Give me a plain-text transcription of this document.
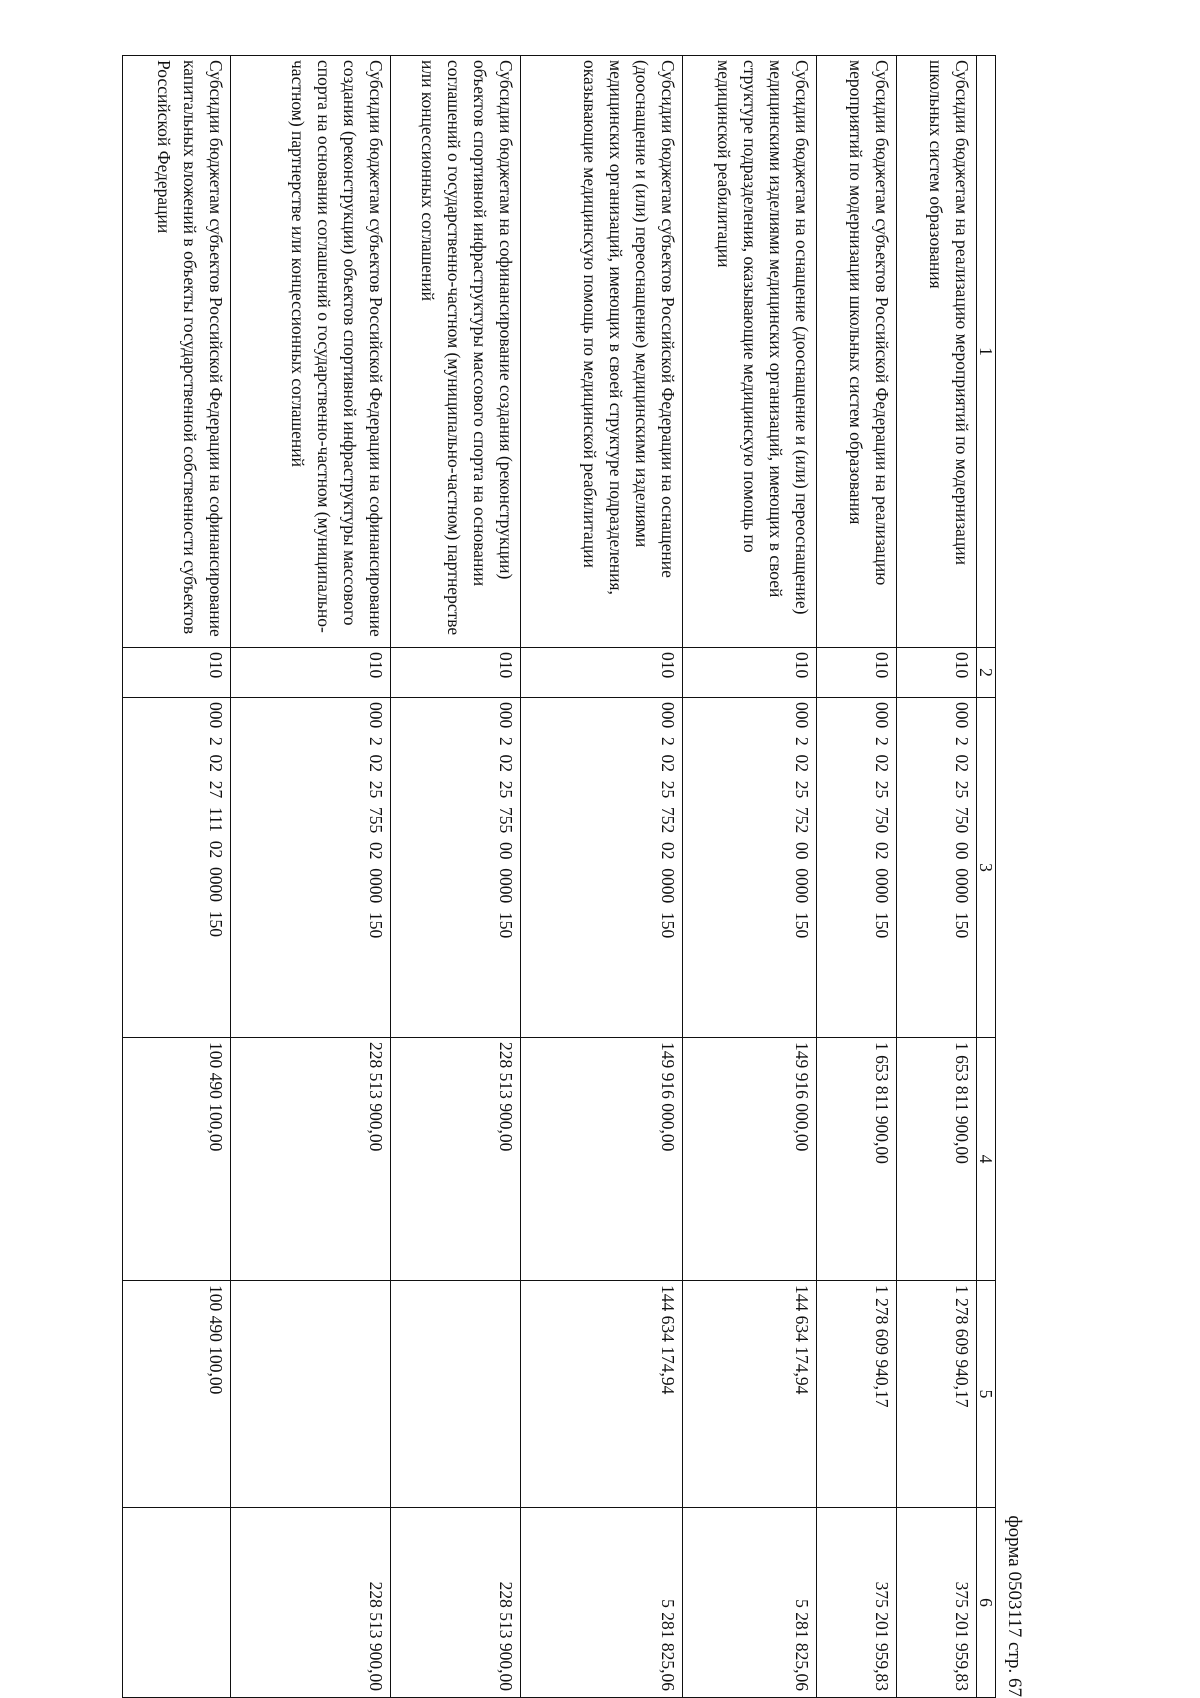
форма 0503117 стр. 67
1	2	3	4	5	6
Субсидии бюджетам на реализацию мероприятий по модернизации школьных систем образования	010	000  2  02  25  750  00  0000  150	1 653 811 900,00	1 278 609 940,17	375 201 959,83
Субсидии бюджетам субъектов Российской Федерации на реализацию мероприятий по модернизации школьных систем образования	010	000  2  02  25  750  02  0000  150	1 653 811 900,00	1 278 609 940,17	375 201 959,83
Субсидии бюджетам на оснащение (дооснащение и (или) переоснащение) медицинскими изделиями медицинских организаций, имеющих в своей структуре подразделения, оказывающие медицинскую помощь по медицинской реабилитации	010	000  2  02  25  752  00  0000  150	149 916 000,00	144 634 174,94	5 281 825,06
Субсидии бюджетам субъектов Российской Федерации на оснащение (дооснащение и (или) переоснащение) медицинскими изделиями медицинских организаций, имеющих в своей структуре подразделения, оказывающие медицинскую помощь по медицинской реабилитации	010	000  2  02  25  752  02  0000  150	149 916 000,00	144 634 174,94	5 281 825,06
Субсидии бюджетам на софинансирование создания (реконструкции) объектов спортивной инфраструктуры массового спорта на основании соглашений о государственно-частном (муниципально-частном) партнерстве или концессионных соглашений	010	000  2  02  25  755  00  0000  150	228 513 900,00		228 513 900,00
Субсидии бюджетам субъектов Российской Федерации на софинансирование создания (реконструкции) объектов спортивной инфраструктуры массового спорта на основании соглашений о государственно-частном (муниципально-частном) партнерстве или концессионных соглашений	010	000  2  02  25  755  02  0000  150	228 513 900,00		228 513 900,00
Субсидии бюджетам субъектов Российской Федерации на софинансирование капитальных вложений в объекты государственной собственности субъектов Российской Федерации	010	000  2  02  27  111  02  0000  150	100 490 100,00	100 490 100,00	
